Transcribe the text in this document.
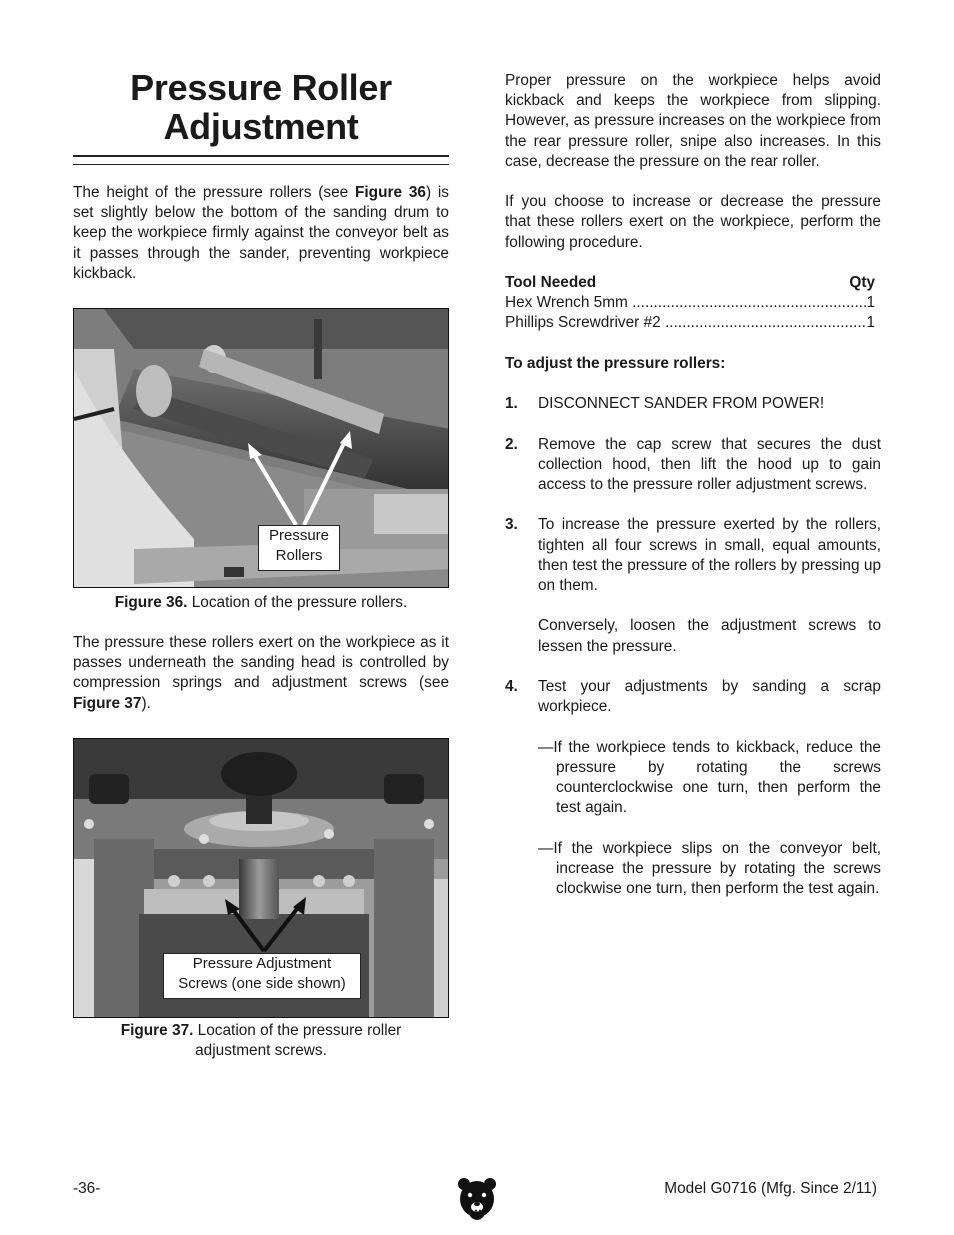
Pressure Roller Adjustment

The height of the pressure rollers (see Figure 36) is set slightly below the bottom of the sanding drum to keep the workpiece firmly against the conveyor belt as it passes through the sander, preventing workpiece kickback.

Pressure
Rollers
Figure 36. Location of the pressure rollers.

The pressure these rollers exert on the workpiece as it passes underneath the sanding head is controlled by compression springs and adjustment screws (see Figure 37).

Pressure Adjustment
Screws (one side shown)
Figure 37. Location of the pressure roller
adjustment screws.

Proper pressure on the workpiece helps avoid kickback and keeps the workpiece from slipping. However, as pressure increases on the workpiece from the rear pressure roller, snipe also increases. In this case, decrease the pressure on the rear roller.

If you choose to increase or decrease the pressure that these rollers exert on the workpiece, perform the following procedure.

Tool Needed	Qty
Hex Wrench 5mm .....	1
Phillips Screwdriver #2 .....	1

To adjust the pressure rollers:

1. DISCONNECT SANDER FROM POWER!

2. Remove the cap screw that secures the dust collection hood, then lift the hood up to gain access to the pressure roller adjustment screws.

3. To increase the pressure exerted by the rollers, tighten all four screws in small, equal amounts, then test the pressure of the rollers by pressing up on them.

Conversely, loosen the adjustment screws to lessen the pressure.

4. Test your adjustments by sanding a scrap workpiece.

—If the workpiece tends to kickback, reduce the pressure by rotating the screws counterclockwise one turn, then perform the test again.

—If the workpiece slips on the conveyor belt, increase the pressure by rotating the screws clockwise one turn, then perform the test again.

-36-	Model G0716 (Mfg. Since 2/11)
